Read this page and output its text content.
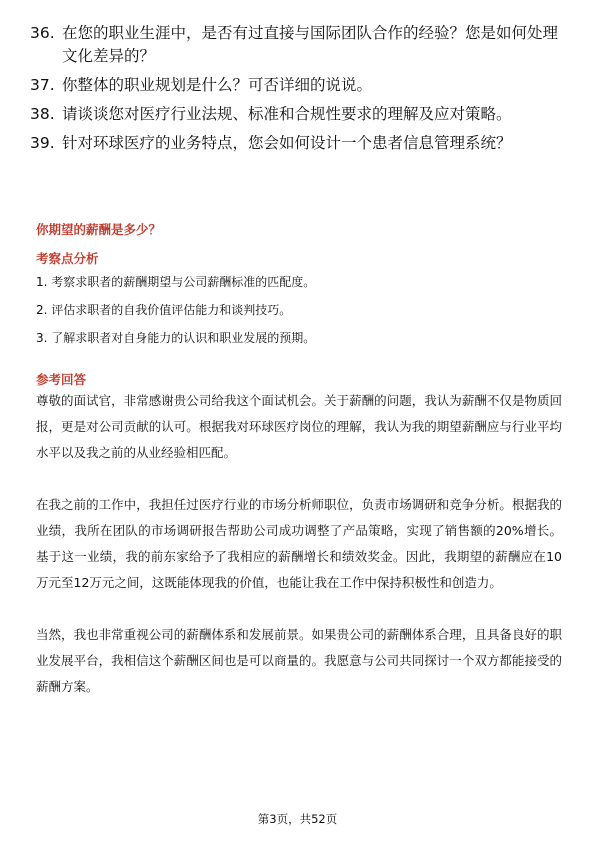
36. 在您的职业生涯中，是否有过直接与国际团队合作的经验？您是如何处理文化差异的？
37. 你整体的职业规划是什么？可否详细的说说。
38. 请谈谈您对医疗行业法规、标准和合规性要求的理解及应对策略。
39. 针对环球医疗的业务特点，您会如何设计一个患者信息管理系统？
你期望的薪酬是多少？
考察点分析
1. 考察求职者的薪酬期望与公司薪酬标准的匹配度。
2. 评估求职者的自我价值评估能力和谈判技巧。
3. 了解求职者对自身能力的认识和职业发展的预期。
参考回答

尊敬的面试官，非常感谢贵公司给我这个面试机会。关于薪酬的问题，我认为薪酬不仅是物质回报，更是对公司贡献的认可。根据我对环球医疗岗位的理解，我认为我的期望薪酬应与行业平均水平以及我之前的从业经验相匹配。

在我之前的工作中，我担任过医疗行业的市场分析师职位，负责市场调研和竞争分析。根据我的业绩，我所在团队的市场调研报告帮助公司成功调整了产品策略，实现了销售额的20%增长。基于这一业绩，我的前东家给予了我相应的薪酬增长和绩效奖金。因此，我期望的薪酬应在10万元至12万元之间，这既能体现我的价值，也能让我在工作中保持积极性和创造力。

当然，我也非常重视公司的薪酬体系和发展前景。如果贵公司的薪酬体系合理，且具备良好的职业发展平台，我相信这个薪酬区间也是可以商量的。我愿意与公司共同探讨一个双方都能接受的薪酬方案。

第3页，共52页
